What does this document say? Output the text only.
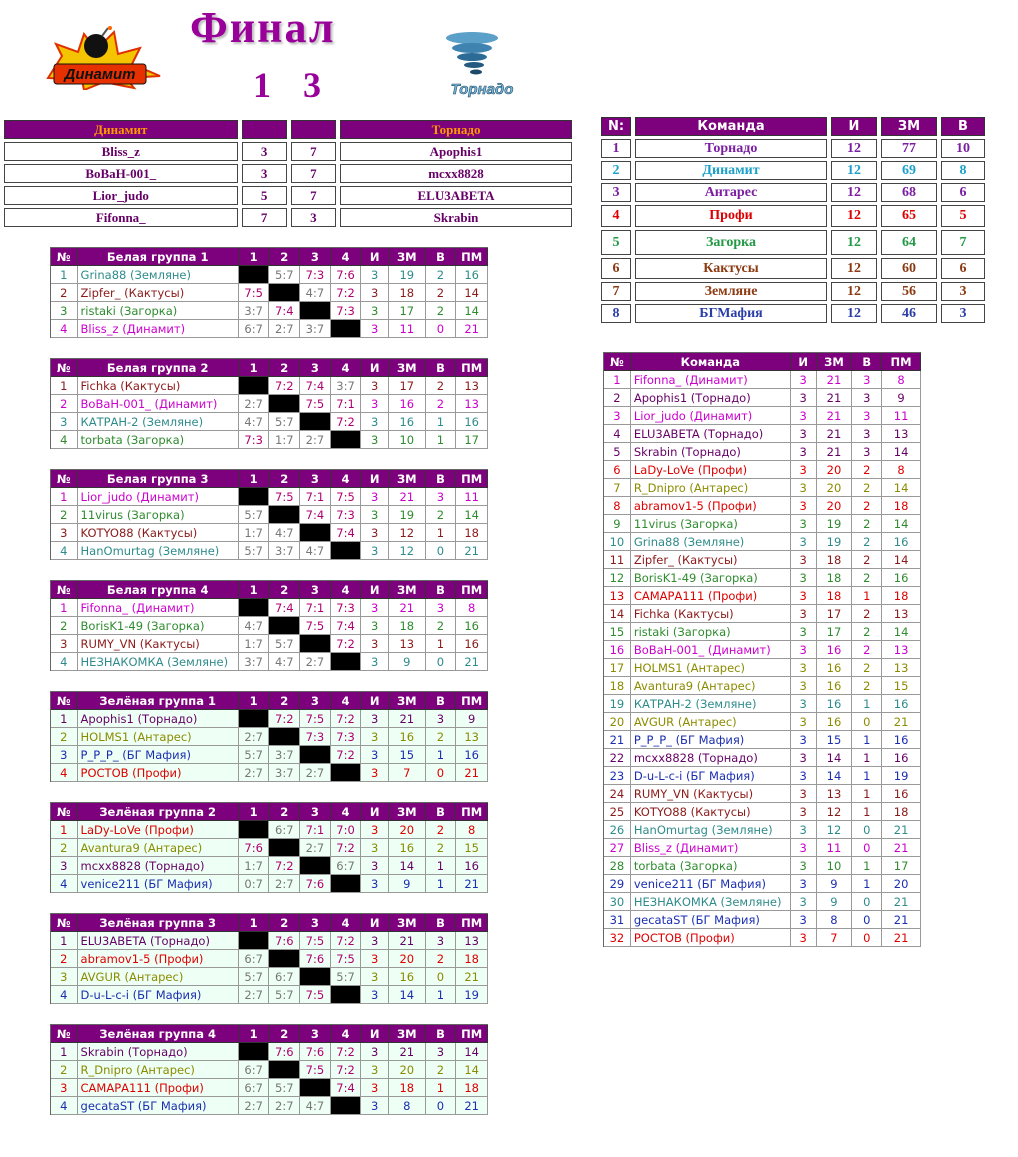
Финал
1 3
Динамит
Торнадо
Динамит			Торнадо
Bliss_z	3	7	Apophis1
BoBaH-001_	3	7	mcxx8828
Lior_judo	5	7	ELU3ABETA
Fifonna_	7	3	Skrabin
N:	Команда	И	ЗМ	В
1	Торнадо	12	77	10
2	Динамит	12	69	8
3	Антарес	12	68	6
4	Профи	12	65	5
5	Загорка	12	64	7
6	Кактусы	12	60	6
7	Земляне	12	56	3
8	БГМафия	12	46	3
№	Белая группа 1	1	2	3	4	И	ЗМ	В	ПМ
1	Grina88 (Земляне)		5:7	7:3	7:6	3	19	2	16
2	Zipfer_ (Кактусы)	7:5		4:7	7:2	3	18	2	14
3	ristaki (Загорка)	3:7	7:4		7:3	3	17	2	14
4	Bliss_z (Динамит)	6:7	2:7	3:7		3	11	0	21
№	Белая группа 2	1	2	3	4	И	ЗМ	В	ПМ
1	Fichka (Кактусы)		7:2	7:4	3:7	3	17	2	13
2	BoBaH-001_ (Динамит)	2:7		7:5	7:1	3	16	2	13
3	КАТРАН-2 (Земляне)	4:7	5:7		7:2	3	16	1	16
4	torbata (Загорка)	7:3	1:7	2:7		3	10	1	17
№	Белая группа 3	1	2	3	4	И	ЗМ	В	ПМ
1	Lior_judo (Динамит)		7:5	7:1	7:5	3	21	3	11
2	11virus (Загорка)	5:7		7:4	7:3	3	19	2	14
3	KOTYO88 (Кактусы)	1:7	4:7		7:4	3	12	1	18
4	HanOmurtag (Земляне)	5:7	3:7	4:7		3	12	0	21
№	Белая группа 4	1	2	3	4	И	ЗМ	В	ПМ
1	Fifonna_ (Динамит)		7:4	7:1	7:3	3	21	3	8
2	BorisK1-49 (Загорка)	4:7		7:5	7:4	3	18	2	16
3	RUMY_VN (Кактусы)	1:7	5:7		7:2	3	13	1	16
4	НЕЗНАКОМКА (Земляне)	3:7	4:7	2:7		3	9	0	21
№	Зелёная группа 1	1	2	3	4	И	ЗМ	В	ПМ
1	Apophis1 (Торнадо)		7:2	7:5	7:2	3	21	3	9
2	HOLMS1 (Антарес)	2:7		7:3	7:3	3	16	2	13
3	P_P_P_ (БГ Мафия)	5:7	3:7		7:2	3	15	1	16
4	РОСТОВ (Профи)	2:7	3:7	2:7		3	7	0	21
№	Зелёная группа 2	1	2	3	4	И	ЗМ	В	ПМ
1	LaDy-LoVe (Профи)		6:7	7:1	7:0	3	20	2	8
2	Avantura9 (Антарес)	7:6		2:7	7:2	3	16	2	15
3	mcxx8828 (Торнадо)	1:7	7:2		6:7	3	14	1	16
4	venice211 (БГ Мафия)	0:7	2:7	7:6		3	9	1	21
№	Зелёная группа 3	1	2	3	4	И	ЗМ	В	ПМ
1	ELU3ABETA (Торнадо)		7:6	7:5	7:2	3	21	3	13
2	abramov1-5 (Профи)	6:7		7:6	7:5	3	20	2	18
3	AVGUR (Антарес)	5:7	6:7		5:7	3	16	0	21
4	D-u-L-c-i (БГ Мафия)	2:7	5:7	7:5		3	14	1	19
№	Зелёная группа 4	1	2	3	4	И	ЗМ	В	ПМ
1	Skrabin (Торнадо)		7:6	7:6	7:2	3	21	3	14
2	R_Dnipro (Антарес)	6:7		7:5	7:2	3	20	2	14
3	САМАРА111 (Профи)	6:7	5:7		7:4	3	18	1	18
4	gecataST (БГ Мафия)	2:7	2:7	4:7		3	8	0	21
№	Команда	И	ЗМ	В	ПМ
1	Fifonna_ (Динамит)	3	21	3	8
2	Apophis1 (Торнадо)	3	21	3	9
3	Lior_judo (Динамит)	3	21	3	11
4	ELU3ABETA (Торнадо)	3	21	3	13
5	Skrabin (Торнадо)	3	21	3	14
6	LaDy-LoVe (Профи)	3	20	2	8
7	R_Dnipro (Антарес)	3	20	2	14
8	abramov1-5 (Профи)	3	20	2	18
9	11virus (Загорка)	3	19	2	14
10	Grina88 (Земляне)	3	19	2	16
11	Zipfer_ (Кактусы)	3	18	2	14
12	BorisK1-49 (Загорка)	3	18	2	16
13	САМАРА111 (Профи)	3	18	1	18
14	Fichka (Кактусы)	3	17	2	13
15	ristaki (Загорка)	3	17	2	14
16	BoBaH-001_ (Динамит)	3	16	2	13
17	HOLMS1 (Антарес)	3	16	2	13
18	Avantura9 (Антарес)	3	16	2	15
19	КАТРАН-2 (Земляне)	3	16	1	16
20	AVGUR (Антарес)	3	16	0	21
21	P_P_P_ (БГ Мафия)	3	15	1	16
22	mcxx8828 (Торнадо)	3	14	1	16
23	D-u-L-c-i (БГ Мафия)	3	14	1	19
24	RUMY_VN (Кактусы)	3	13	1	16
25	KOTYO88 (Кактусы)	3	12	1	18
26	HanOmurtag (Земляне)	3	12	0	21
27	Bliss_z (Динамит)	3	11	0	21
28	torbata (Загорка)	3	10	1	17
29	venice211 (БГ Мафия)	3	9	1	20
30	НЕЗНАКОМКА (Земляне)	3	9	0	21
31	gecataST (БГ Мафия)	3	8	0	21
32	РОСТОВ (Профи)	3	7	0	21
